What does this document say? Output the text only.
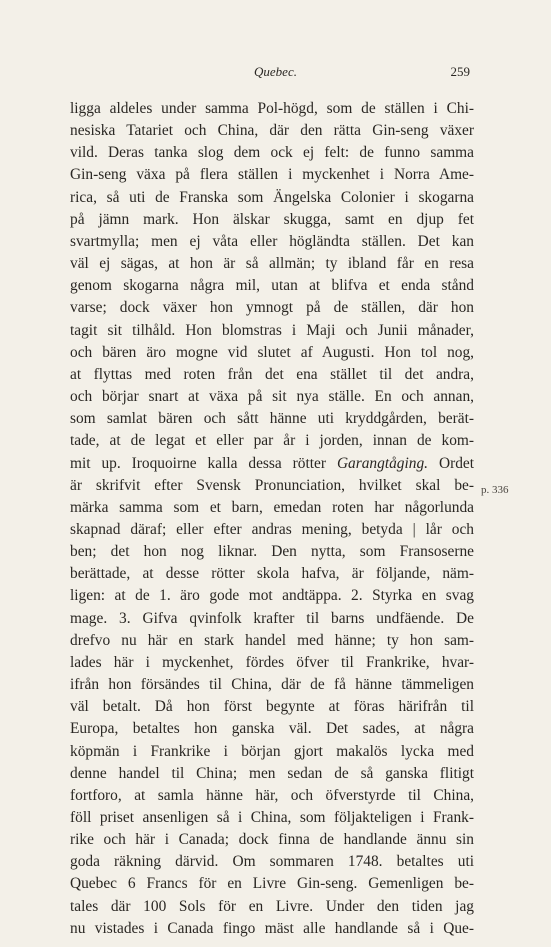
Quebec.	259
ligga aldeles under samma Pol-högd, som de ställen i Chi-
nesiska Tatariet och China, där den rätta Gin-seng växer
vild. Deras tanka slog dem ock ej felt: de funno samma
Gin-seng växa på flera ställen i myckenhet i Norra Ame-
rica, så uti de Franska som Ängelska Colonier i skogarna
på jämn mark. Hon älskar skugga, samt en djup fet
svartmylla; men ej våta eller högländta ställen. Det kan
väl ej sägas, at hon är så allmän; ty ibland får en resa
genom skogarna några mil, utan at blifva et enda stånd
varse; dock växer hon ymnogt på de ställen, där hon
tagit sit tilhåld. Hon blomstras i Maji och Junii månader,
och bären äro mogne vid slutet af Augusti. Hon tol nog,
at flyttas med roten från det ena stället til det andra,
och börjar snart at växa på sit nya ställe. En och annan,
som samlat bären och sått hänne uti kryddgården, berät-
tade, at de legat et eller par år i jorden, innan de kom-
mit up. Iroquoirne kalla dessa rötter Garangtåging. Ordet
är skrifvit efter Svensk Pronunciation, hvilket skal be-
märka samma som et barn, emedan roten har någorlunda
skapnad däraf; eller efter andras mening, betyda | lår och
ben; det hon nog liknar. Den nytta, som Fransoserne
berättade, at desse rötter skola hafva, är följande, näm-
ligen: at de 1. äro gode mot andtäppa. 2. Styrka en svag
mage. 3. Gifva qvinfolk krafter til barns undfäende. De
drefvo nu här en stark handel med hänne; ty hon sam-
lades här i myckenhet, fördes öfver til Frankrike, hvar-
ifrån hon försändes til China, där de få hänne tämmeligen
väl betalt. Då hon först begynte at föras härifrån til
Europa, betaltes hon ganska väl. Det sades, at några
köpmän i Frankrike i början gjort makalös lycka med
denne handel til China; men sedan de så ganska flitigt
fortforo, at samla hänne här, och öfverstyrde til China,
föll priset ansenligen så i China, som följakteligen i Frank-
rike och här i Canada; dock finna de handlande ännu sin
goda räkning därvid. Om sommaren 1748. betaltes uti
Quebec 6 Francs för en Livre Gin-seng. Gemenligen be-
tales där 100 Sols för en Livre. Under den tiden jag
nu vistades i Canada fingo mäst alle handlande så i Que-
p. 336
